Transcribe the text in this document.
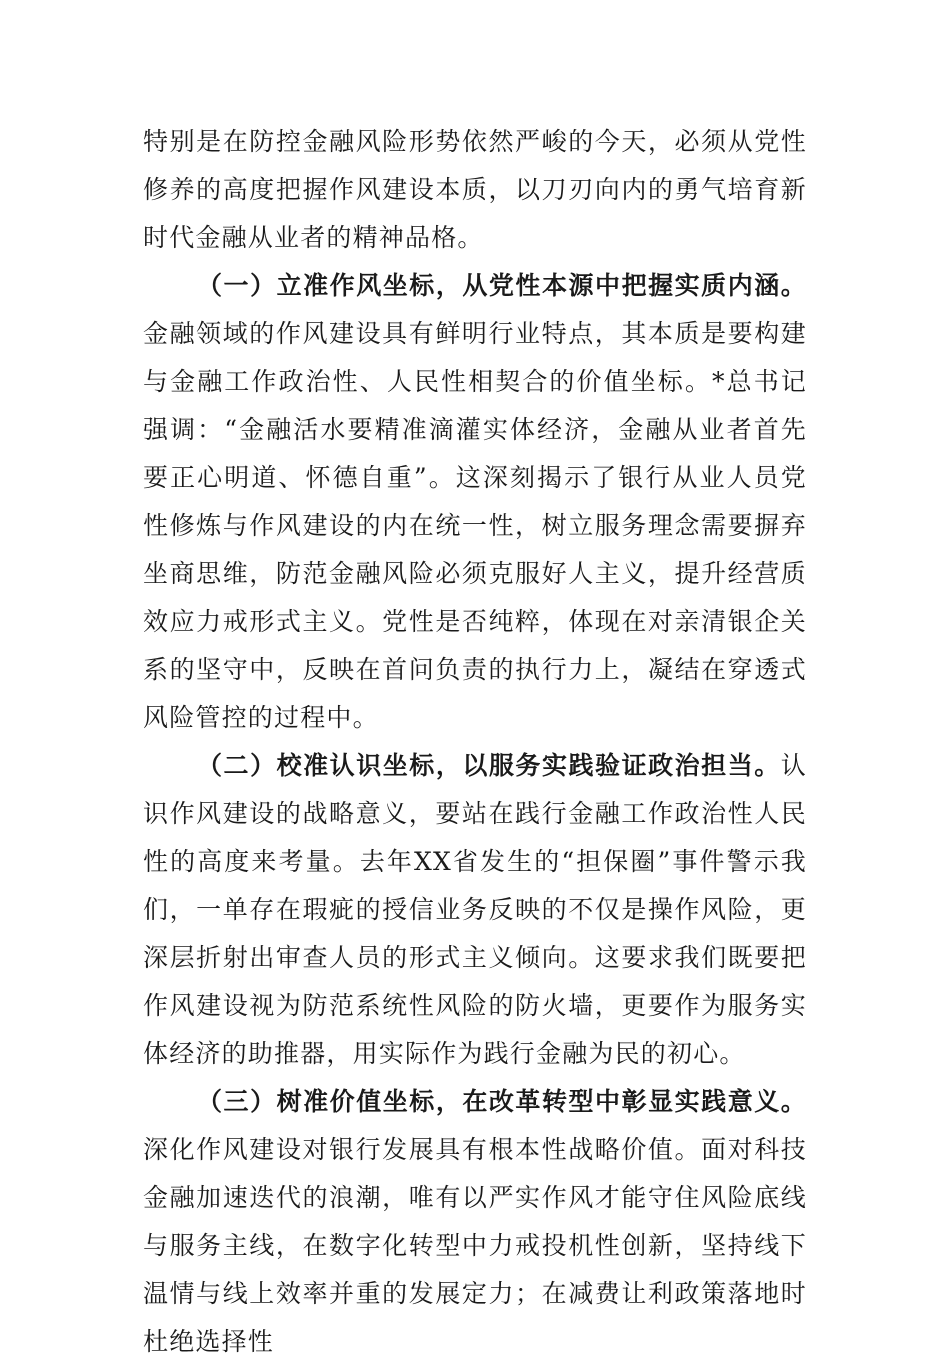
特别是在防控金融风险形势依然严峻的今天，必须从党性修养的高度把握作风建设本质，以刀刃向内的勇气培育新时代金融从业者的精神品格。

（一）立准作风坐标，从党性本源中把握实质内涵。金融领域的作风建设具有鲜明行业特点，其本质是要构建与金融工作政治性、人民性相契合的价值坐标。*总书记强调：“金融活水要精准滴灌实体经济，金融从业者首先要正心明道、怀德自重”。这深刻揭示了银行从业人员党性修炼与作风建设的内在统一性，树立服务理念需要摒弃坐商思维，防范金融风险必须克服好人主义，提升经营质效应力戒形式主义。党性是否纯粹，体现在对亲清银企关系的坚守中，反映在首问负责的执行力上，凝结在穿透式风险管控的过程中。

（二）校准认识坐标，以服务实践验证政治担当。认识作风建设的战略意义，要站在践行金融工作政治性人民性的高度来考量。去年XX省发生的“担保圈”事件警示我们，一单存在瑕疵的授信业务反映的不仅是操作风险，更深层折射出审查人员的形式主义倾向。这要求我们既要把作风建设视为防范系统性风险的防火墙，更要作为服务实体经济的助推器，用实际作为践行金融为民的初心。

（三）树准价值坐标，在改革转型中彰显实践意义。深化作风建设对银行发展具有根本性战略价值。面对科技金融加速迭代的浪潮，唯有以严实作风才能守住风险底线与服务主线，在数字化转型中力戒投机性创新，坚持线下温情与线上效率并重的发展定力；在减费让利政策落地时杜绝选择性
